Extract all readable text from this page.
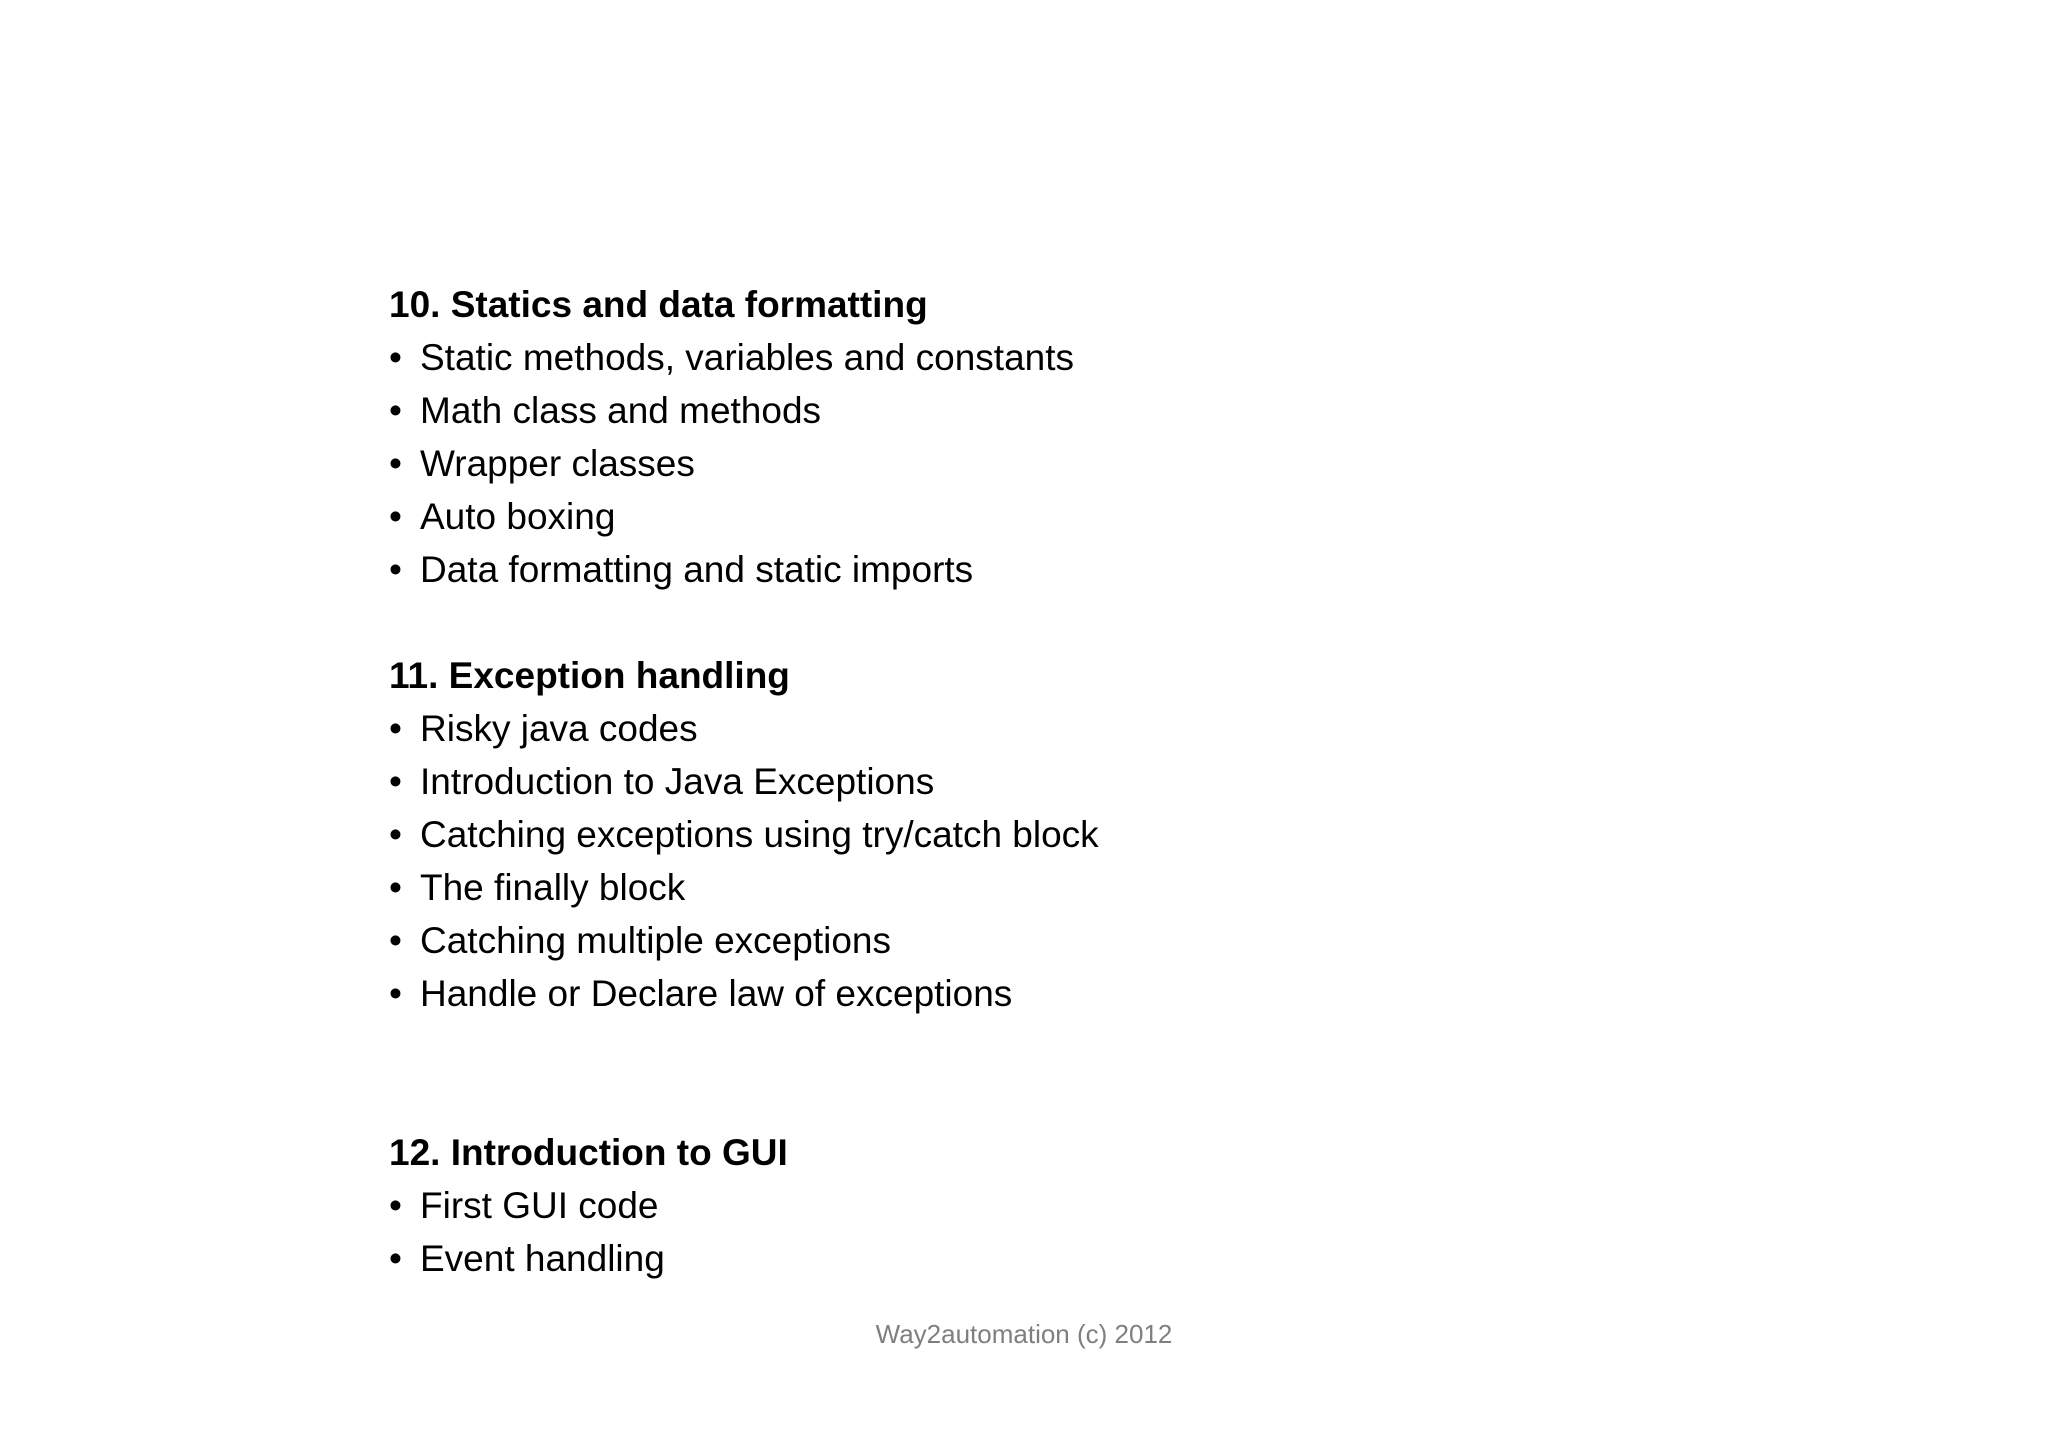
10. Statics and data formatting
• Static methods, variables and constants
• Math class and methods
• Wrapper classes
• Auto boxing
• Data formatting and static imports
11. Exception handling
• Risky java codes
• Introduction to Java Exceptions
• Catching exceptions using try/catch block
• The finally block
• Catching multiple exceptions
• Handle or Declare law of exceptions
12. Introduction to GUI
• First GUI code
• Event handling
Way2automation (c) 2012
